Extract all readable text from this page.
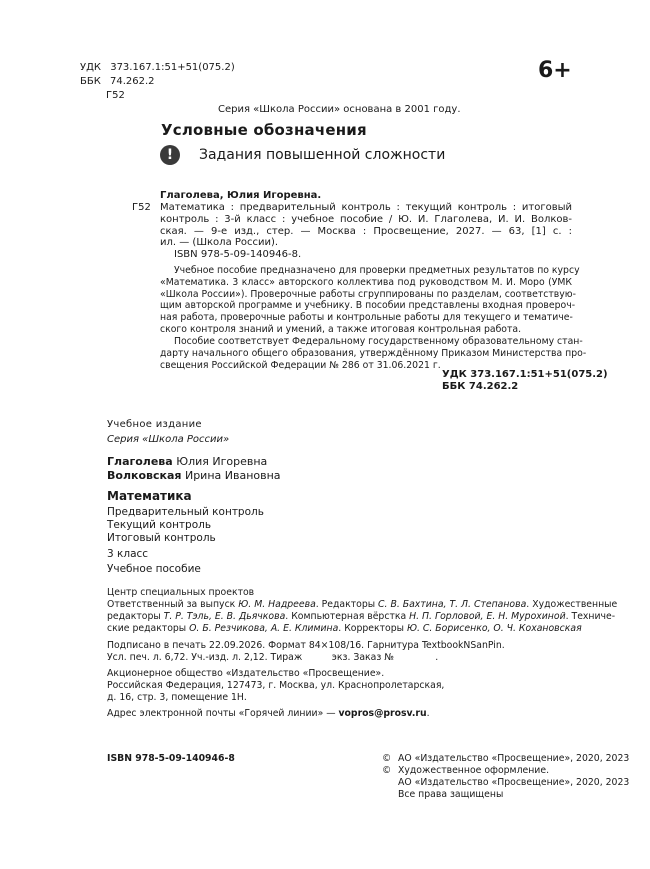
УДК 373.167.1:51+51(075.2)
ББК 74.262.2
Г52
6+
Серия «Школа России» основана в 2001 году.
Условные обозначения
!	Задания повышенной сложности
Глаголева, Юлия Игоревна.
Г52 Математика : предварительный контроль : текущий контроль : итоговый
контроль : 3-й класс : учебное пособие / Ю. И. Глаголева, И. И. Волков-
ская. — 9-е изд., стер. — Москва : Просвещение, 2027. — 63, [1] с. :
ил. — (Школа России).
ISBN 978-5-09-140946-8.
Учебное пособие предназначено для проверки предметных результатов по курсу
«Математика. 3 класс» авторского коллектива под руководством М. И. Моро (УМК
«Школа России»). Проверочные работы сгруппированы по разделам, соответствую-
щим авторской программе и учебнику. В пособии представлены входная провероч-
ная работа, проверочные работы и контрольные работы для текущего и тематиче-
ского контроля знаний и умений, а также итоговая контрольная работа.
Пособие соответствует Федеральному государственному образовательному стан-
дарту начального общего образования, утверждённому Приказом Министерства про-
свещения Российской Федерации № 286 от 31.06.2021 г.
УДК 373.167.1:51+51(075.2)
ББК 74.262.2
Учебное издание
Серия «Школа России»
Глаголева Юлия Игоревна
Волковская Ирина Ивановна
Математика
Предварительный контроль
Текущий контроль
Итоговый контроль
3 класс
Учебное пособие
Центр специальных проектов
Ответственный за выпуск Ю. М. Надреева. Редакторы С. В. Бахтина, Т. Л. Степанова. Художественные
редакторы Т. Р. Тэль, Е. В. Дьячкова. Компьютерная вёрстка Н. П. Горловой, Е. Н. Мурохиной. Техниче-
ские редакторы О. Б. Резчикова, А. Е. Климина. Корректоры Ю. С. Борисенко, О. Ч. Кохановская
Подписано в печать 22.09.2026. Формат 84×108/16. Гарнитура TextbookNSanPin.
Усл. печ. л. 6,72. Уч.-изд. л. 2,12. Тираж          экз. Заказ №              .
Акционерное общество «Издательство «Просвещение».
Российская Федерация, 127473, г. Москва, ул. Краснопролетарская,
д. 16, стр. 3, помещение 1Н.
Адрес электронной почты «Горячей линии» — vopros@prosv.ru.
ISBN 978-5-09-140946-8	© АО «Издательство «Просвещение», 2020, 2023
© Художественное оформление.
АО «Издательство «Просвещение», 2020, 2023
Все права защищены
